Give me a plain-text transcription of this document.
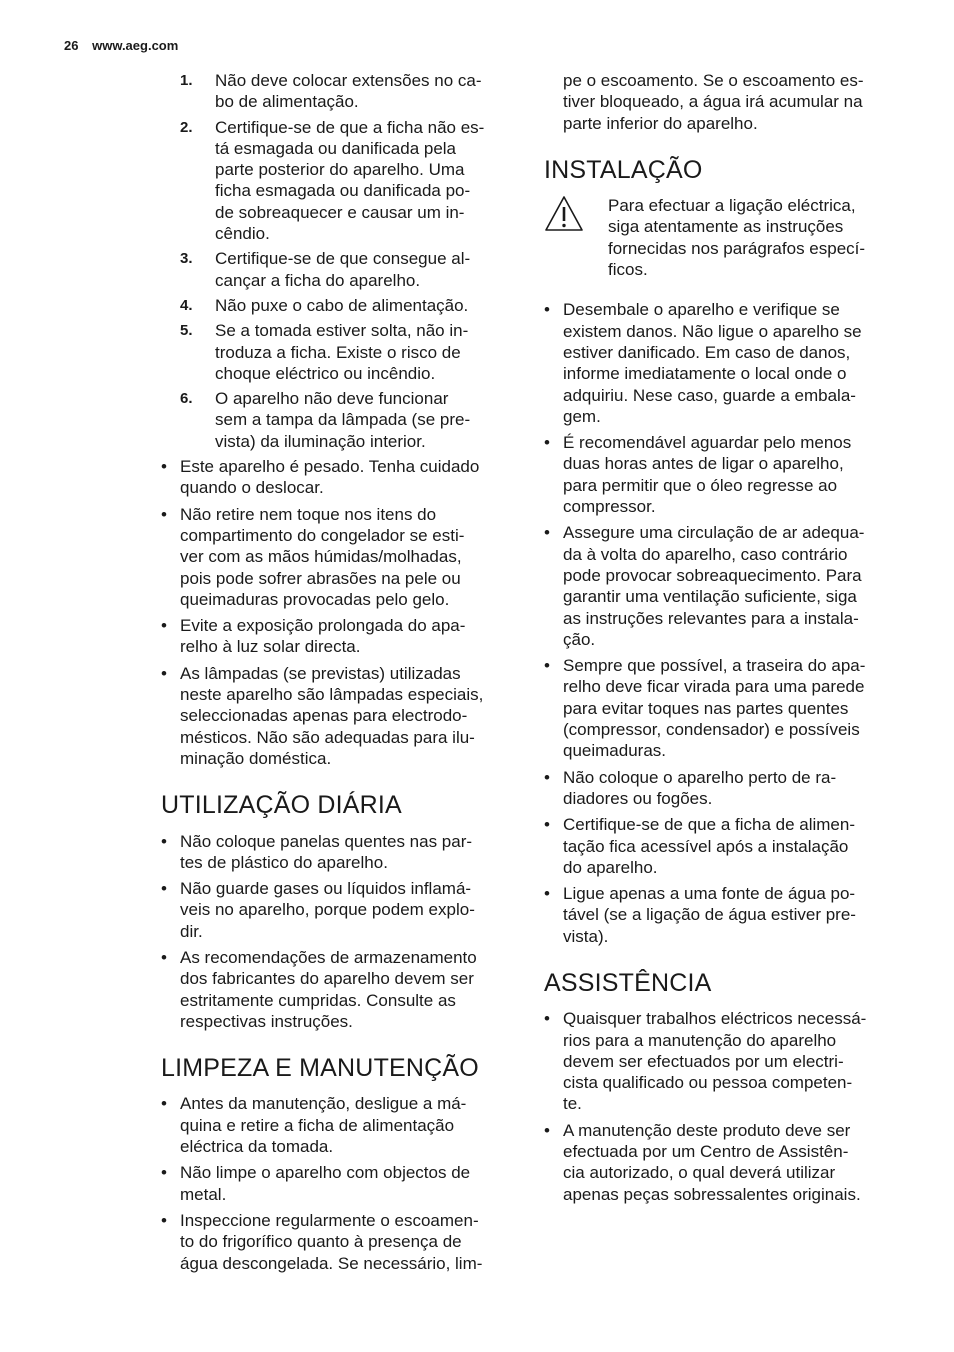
26 www.aeg.com
1. Não deve colocar extensões no ca-
bo de alimentação.
2. Certifique-se de que a ficha não es-
tá esmagada ou danificada pela
parte posterior do aparelho. Uma
ficha esmagada ou danificada po-
de sobreaquecer e causar um in-
cêndio.
3. Certifique-se de que consegue al-
cançar a ficha do aparelho.
4. Não puxe o cabo de alimentação.
5. Se a tomada estiver solta, não in-
troduza a ficha. Existe o risco de
choque eléctrico ou incêndio.
6. O aparelho não deve funcionar
sem a tampa da lâmpada (se pre-
vista) da iluminação interior.
• Este aparelho é pesado. Tenha cuidado
quando o deslocar.
• Não retire nem toque nos itens do
compartimento do congelador se esti-
ver com as mãos húmidas/molhadas,
pois pode sofrer abrasões na pele ou
queimaduras provocadas pelo gelo.
• Evite a exposição prolongada do apa-
relho à luz solar directa.
• As lâmpadas (se previstas) utilizadas
neste aparelho são lâmpadas especiais,
seleccionadas apenas para electrodo-
mésticos. Não são adequadas para ilu-
minação doméstica.
UTILIZAÇÃO DIÁRIA
• Não coloque panelas quentes nas par-
tes de plástico do aparelho.
• Não guarde gases ou líquidos inflamá-
veis no aparelho, porque podem explo-
dir.
• As recomendações de armazenamento
dos fabricantes do aparelho devem ser
estritamente cumpridas. Consulte as
respectivas instruções.
LIMPEZA E MANUTENÇÃO
• Antes da manutenção, desligue a má-
quina e retire a ficha de alimentação
eléctrica da tomada.
• Não limpe o aparelho com objectos de
metal.
• Inspeccione regularmente o escoamen-
to do frigorífico quanto à presença de
água descongelada. Se necessário, lim-
pe o escoamento. Se o escoamento es-
tiver bloqueado, a água irá acumular na
parte inferior do aparelho.
INSTALAÇÃO
Para efectuar a ligação eléctrica,
siga atentamente as instruções
fornecidas nos parágrafos especí-
ficos.
• Desembale o aparelho e verifique se
existem danos. Não ligue o aparelho se
estiver danificado. Em caso de danos,
informe imediatamente o local onde o
adquiriu. Nese caso, guarde a embala-
gem.
• É recomendável aguardar pelo menos
duas horas antes de ligar o aparelho,
para permitir que o óleo regresse ao
compressor.
• Assegure uma circulação de ar adequa-
da à volta do aparelho, caso contrário
pode provocar sobreaquecimento. Para
garantir uma ventilação suficiente, siga
as instruções relevantes para a instala-
ção.
• Sempre que possível, a traseira do apa-
relho deve ficar virada para uma parede
para evitar toques nas partes quentes
(compressor, condensador) e possíveis
queimaduras.
• Não coloque o aparelho perto de ra-
diadores ou fogões.
• Certifique-se de que a ficha de alimen-
tação fica acessível após a instalação
do aparelho.
• Ligue apenas a uma fonte de água po-
tável (se a ligação de água estiver pre-
vista).
ASSISTÊNCIA
• Quaisquer trabalhos eléctricos necessá-
rios para a manutenção do aparelho
devem ser efectuados por um electri-
cista qualificado ou pessoa competen-
te.
• A manutenção deste produto deve ser
efectuada por um Centro de Assistên-
cia autorizado, o qual deverá utilizar
apenas peças sobressalentes originais.
